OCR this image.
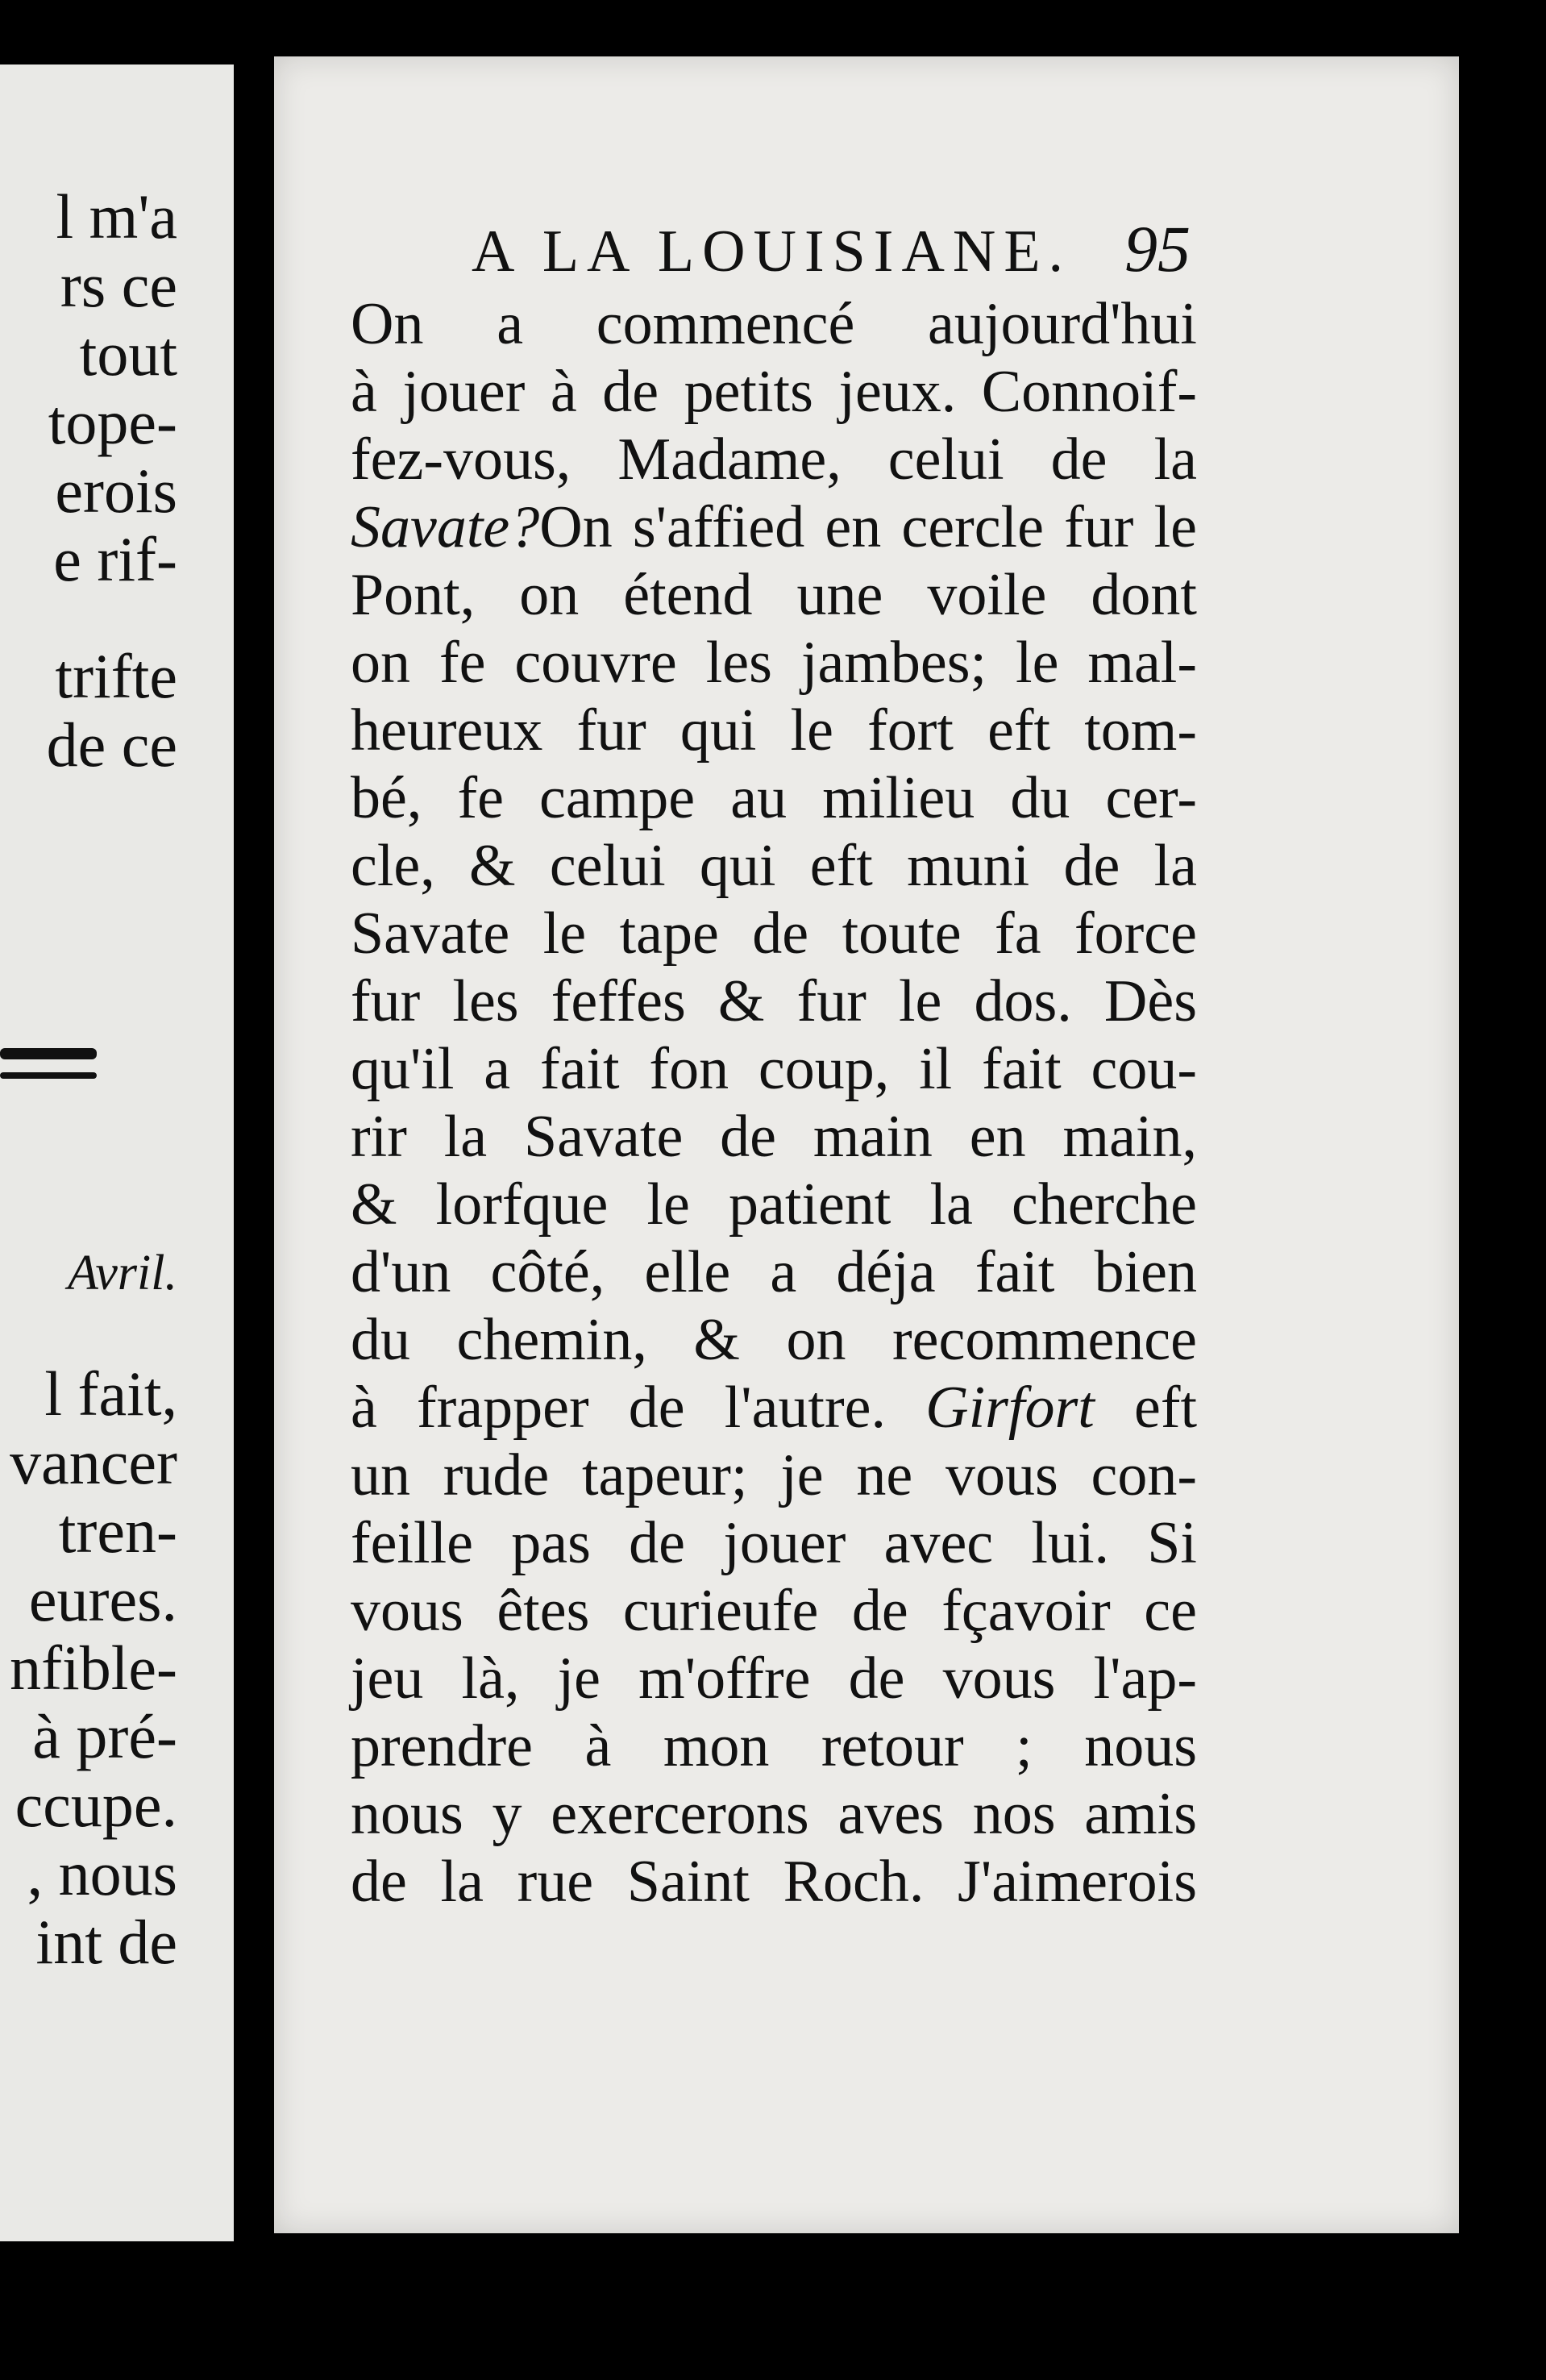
l m'a
rs ce
tout
tope-
erois
e rif-
trifte
de ce
Avril.
l fait,
vancer
tren-
eures.
nfible-
à pré-
ccupe.
, nous
int de
A LA LOUISIANE. 95
On a commencé aujourd'hui
à jouer à de petits jeux. Connoif-
fez-vous, Madame, celui de la
Savate?On s'affied en cercle fur le
Pont, on étend une voile dont
on fe couvre les jambes; le mal-
heureux fur qui le fort eft tom-
bé, fe campe au milieu du cer-
cle, & celui qui eft muni de la
Savate le tape de toute fa force
fur les feffes & fur le dos. Dès
qu'il a fait fon coup, il fait cou-
rir la Savate de main en main,
& lorfque le patient la cherche
d'un côté, elle a déja fait bien
du chemin, & on recommence
à frapper de l'autre. Girfort eft
un rude tapeur; je ne vous con-
feille pas de jouer avec lui. Si
vous êtes curieufe de fçavoir ce
jeu là, je m'offre de vous l'ap-
prendre à mon retour ; nous
nous y exercerons aves nos amis
de la rue Saint Roch. J'aimerois
